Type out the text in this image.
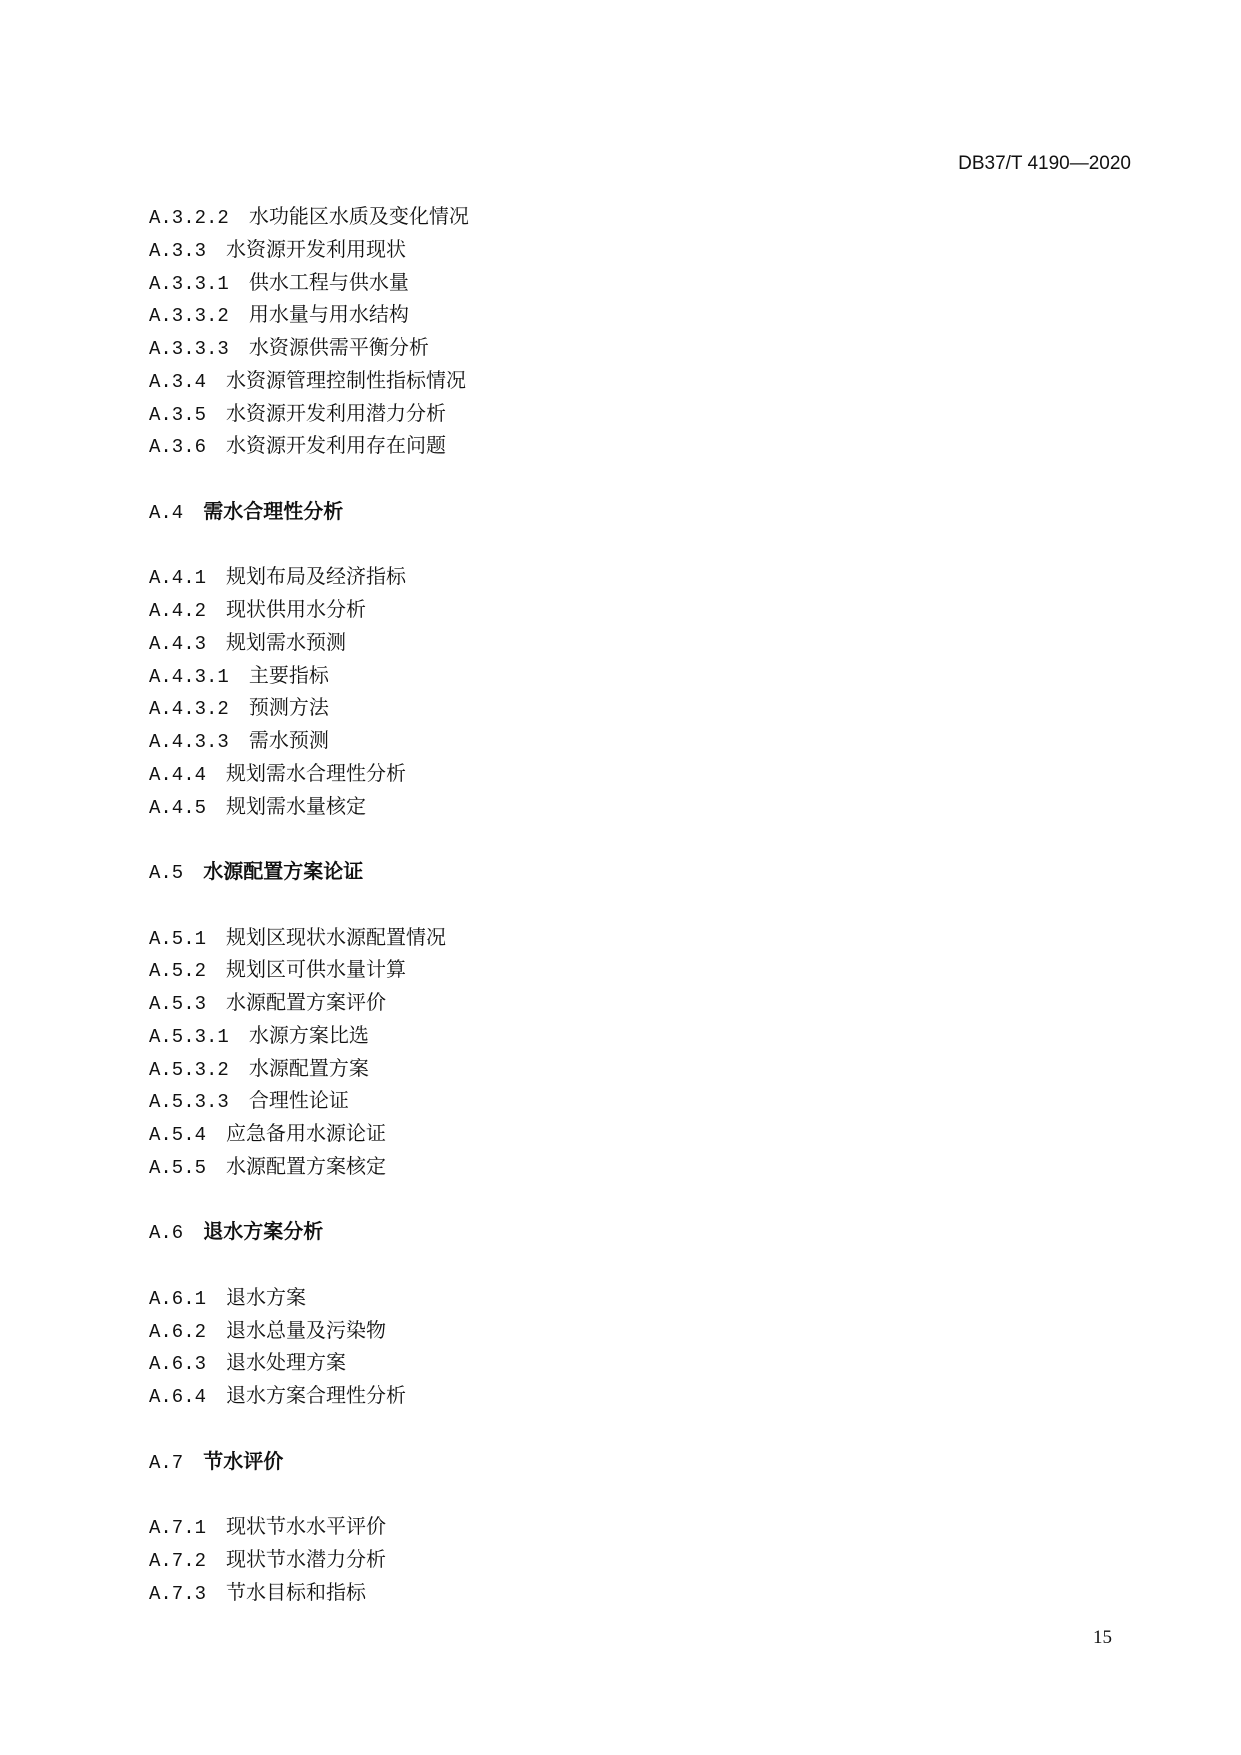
DB37/T 4190—2020
A.3.2.2 水功能区水质及变化情况
A.3.3 水资源开发利用现状
A.3.3.1 供水工程与供水量
A.3.3.2 用水量与用水结构
A.3.3.3 水资源供需平衡分析
A.3.4 水资源管理控制性指标情况
A.3.5 水资源开发利用潜力分析
A.3.6 水资源开发利用存在问题
A.4 需水合理性分析
A.4.1 规划布局及经济指标
A.4.2 现状供用水分析
A.4.3 规划需水预测
A.4.3.1 主要指标
A.4.3.2 预测方法
A.4.3.3 需水预测
A.4.4 规划需水合理性分析
A.4.5 规划需水量核定
A.5 水源配置方案论证
A.5.1 规划区现状水源配置情况
A.5.2 规划区可供水量计算
A.5.3 水源配置方案评价
A.5.3.1 水源方案比选
A.5.3.2 水源配置方案
A.5.3.3 合理性论证
A.5.4 应急备用水源论证
A.5.5 水源配置方案核定
A.6 退水方案分析
A.6.1 退水方案
A.6.2 退水总量及污染物
A.6.3 退水处理方案
A.6.4 退水方案合理性分析
A.7 节水评价
A.7.1 现状节水水平评价
A.7.2 现状节水潜力分析
A.7.3 节水目标和指标
15
